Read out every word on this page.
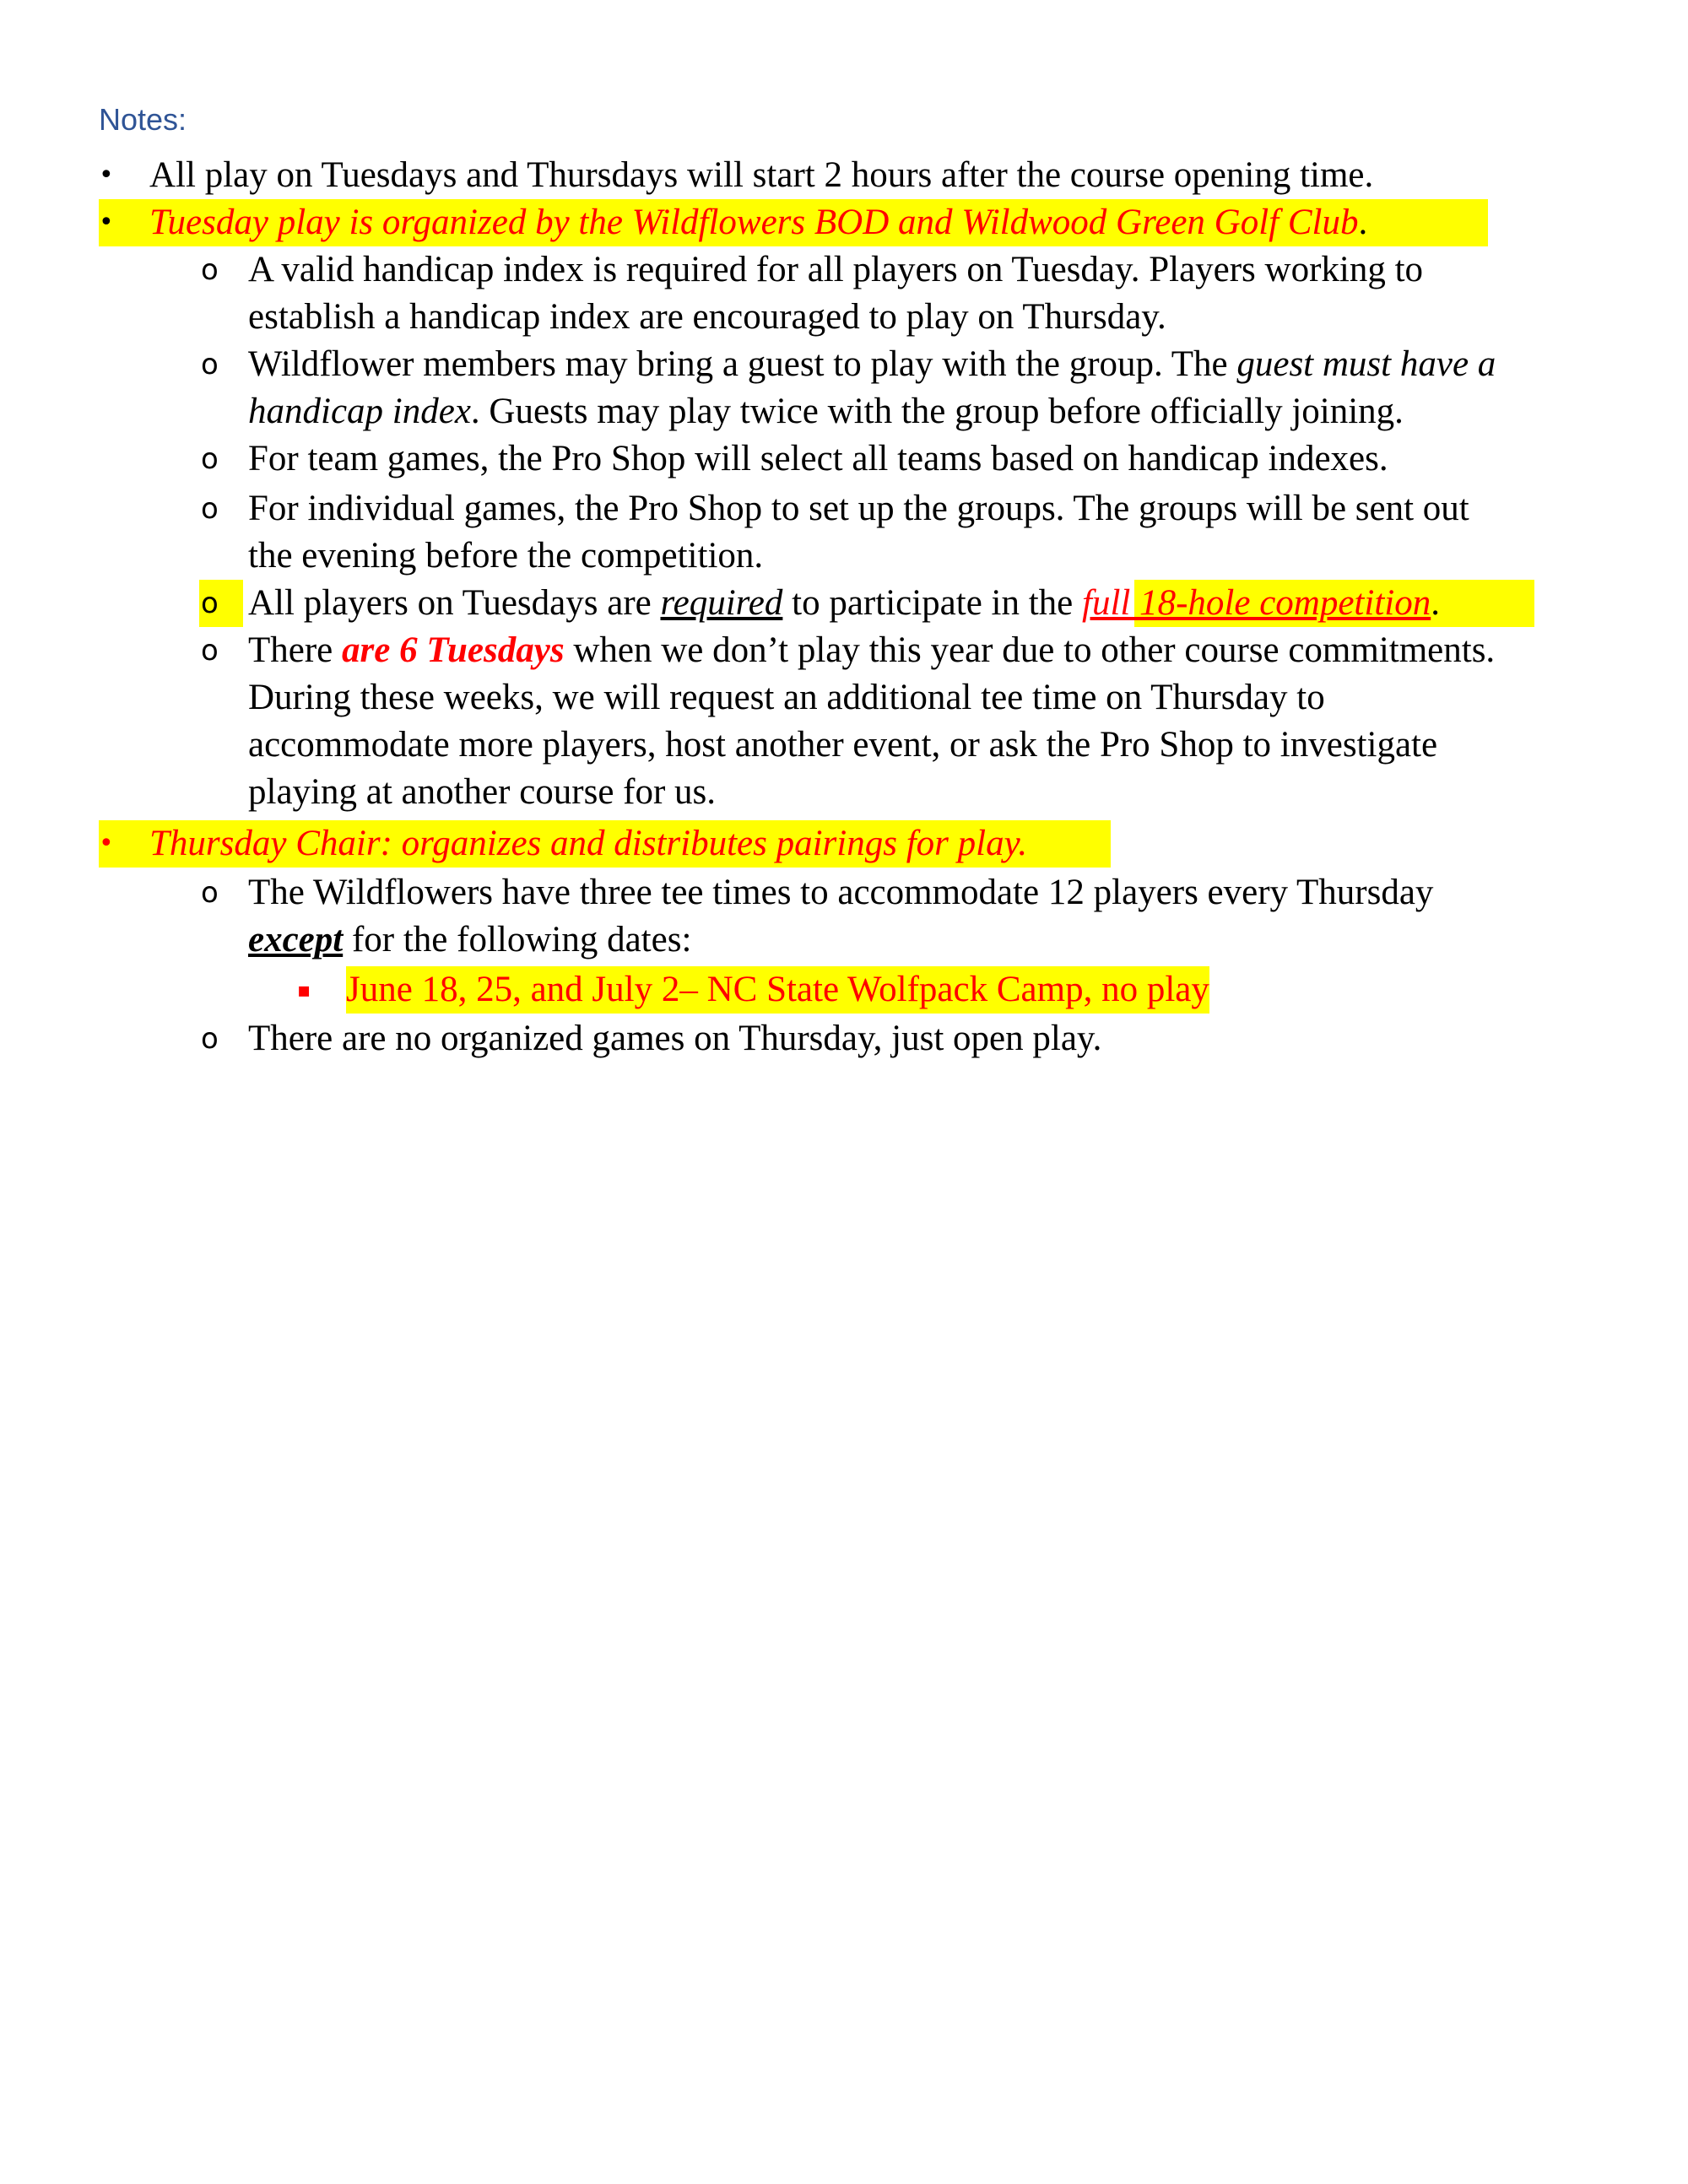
Notes:
• All play on Tuesdays and Thursdays will start 2 hours after the course opening time.
• Tuesday play is organized by the Wildflowers BOD and Wildwood Green Golf Club.
o A valid handicap index is required for all players on Tuesday. Players working to
establish a handicap index are encouraged to play on Thursday.
o Wildflower members may bring a guest to play with the group. The guest must have a
handicap index. Guests may play twice with the group before officially joining.
o For team games, the Pro Shop will select all teams based on handicap indexes.
o For individual games, the Pro Shop to set up the groups. The groups will be sent out
the evening before the competition.
o All players on Tuesdays are required to participate in the full 18-hole competition.
o There are 6 Tuesdays when we don’t play this year due to other course commitments.
During these weeks, we will request an additional tee time on Thursday to
accommodate more players, host another event, or ask the Pro Shop to investigate
playing at another course for us.
• Thursday Chair: organizes and distributes pairings for play.
o The Wildflowers have three tee times to accommodate 12 players every Thursday
except for the following dates:
▪ June 18, 25, and July 2– NC State Wolfpack Camp, no play
o There are no organized games on Thursday, just open play.
